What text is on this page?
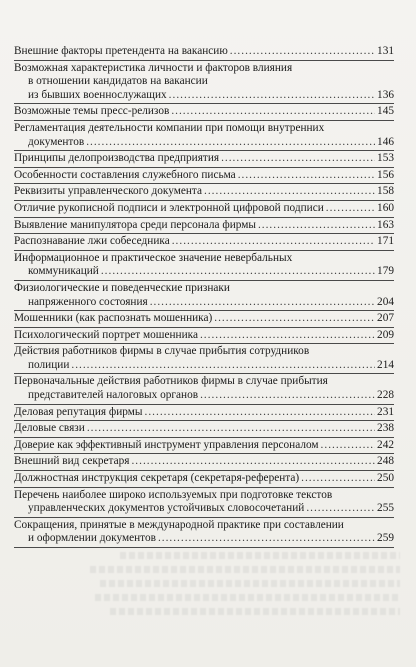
Внешние факторы претендента на вакансию .....	131
Возможная характеристика личности и факторов влияния
в отношении кандидатов на вакансии
из бывших военнослужащих .....	136
Возможные темы пресс-релизов .....	145
Регламентация деятельности компании при помощи внутренних
документов .....	146
Принципы делопроизводства предприятия .....	153
Особенности составления служебного письма .....	156
Реквизиты управленческого документа .....	158
Отличие рукописной подписи и электронной цифровой подписи .....	160
Выявление манипулятора среди персонала фирмы .....	163
Распознавание лжи собеседника .....	171
Информационное и практическое значение невербальных
коммуникаций .....	179
Физиологические и поведенческие признаки
напряженного состояния .....	204
Мошенники (как распознать мошенника) .....	207
Психологический портрет мошенника .....	209
Действия работников фирмы в случае прибытия сотрудников
полиции .....	214
Первоначальные действия работников фирмы в случае прибытия
представителей налоговых органов .....	228
Деловая репутация фирмы .....	231
Деловые связи .....	238
Доверие как эффективный инструмент управления персоналом .....	242
Внешний вид секретаря .....	248
Должностная инструкция секретаря (секретаря-референта) .....	250
Перечень наиболее широко используемых при подготовке текстов
управленческих документов устойчивых словосочетаний .....	255
Сокращения, принятые в международной практике при составлении
и оформлении документов .....	259
